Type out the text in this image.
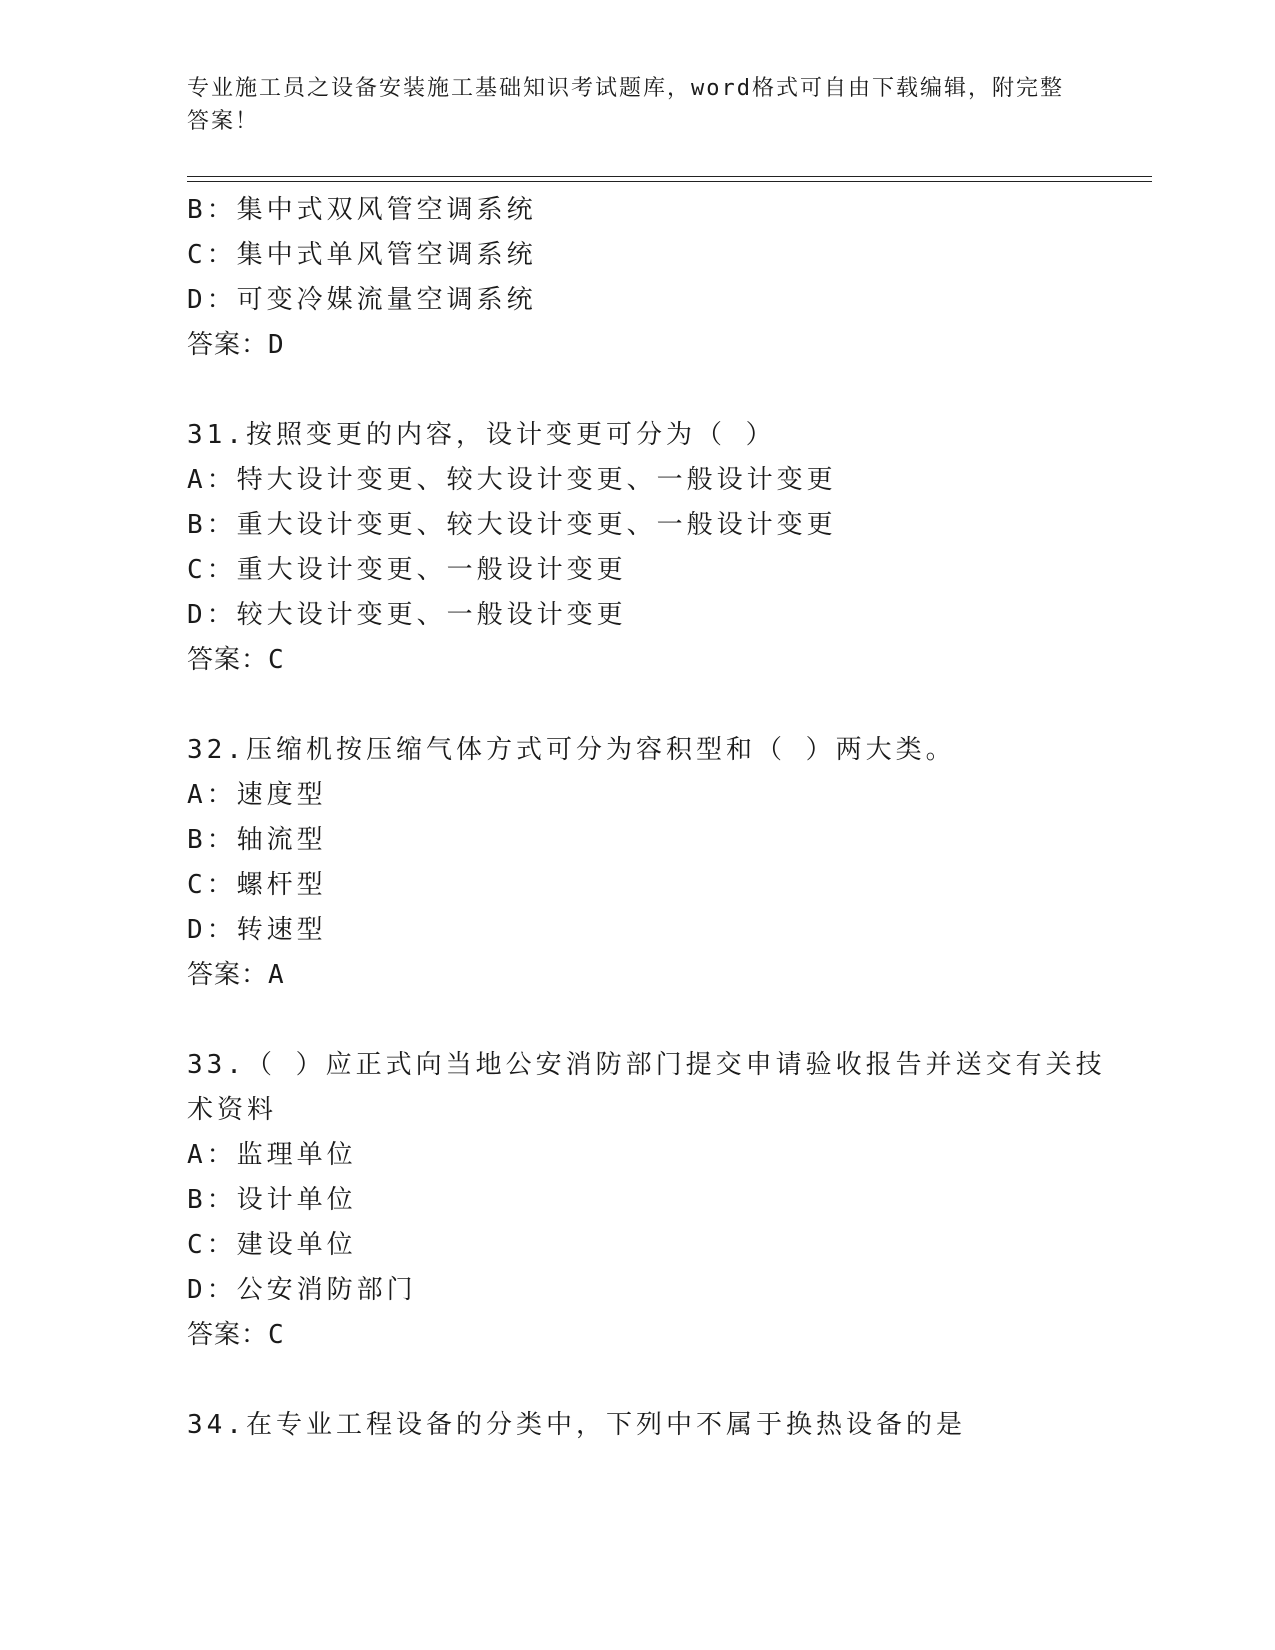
专业施工员之设备安装施工基础知识考试题库，word格式可自由下载编辑，附完整答案！
B：集中式双风管空调系统
C：集中式单风管空调系统
D：可变冷媒流量空调系统
答案：D
31.按照变更的内容，设计变更可分为（ ）
A：特大设计变更、较大设计变更、一般设计变更
B：重大设计变更、较大设计变更、一般设计变更
C：重大设计变更、一般设计变更
D：较大设计变更、一般设计变更
答案：C
32.压缩机按压缩气体方式可分为容积型和（ ）两大类。
A：速度型
B：轴流型
C：螺杆型
D：转速型
答案：A
33.（ ）应正式向当地公安消防部门提交申请验收报告并送交有关技
术资料
A：监理单位
B：设计单位
C：建设单位
D：公安消防部门
答案：C
34.在专业工程设备的分类中，下列中不属于换热设备的是
